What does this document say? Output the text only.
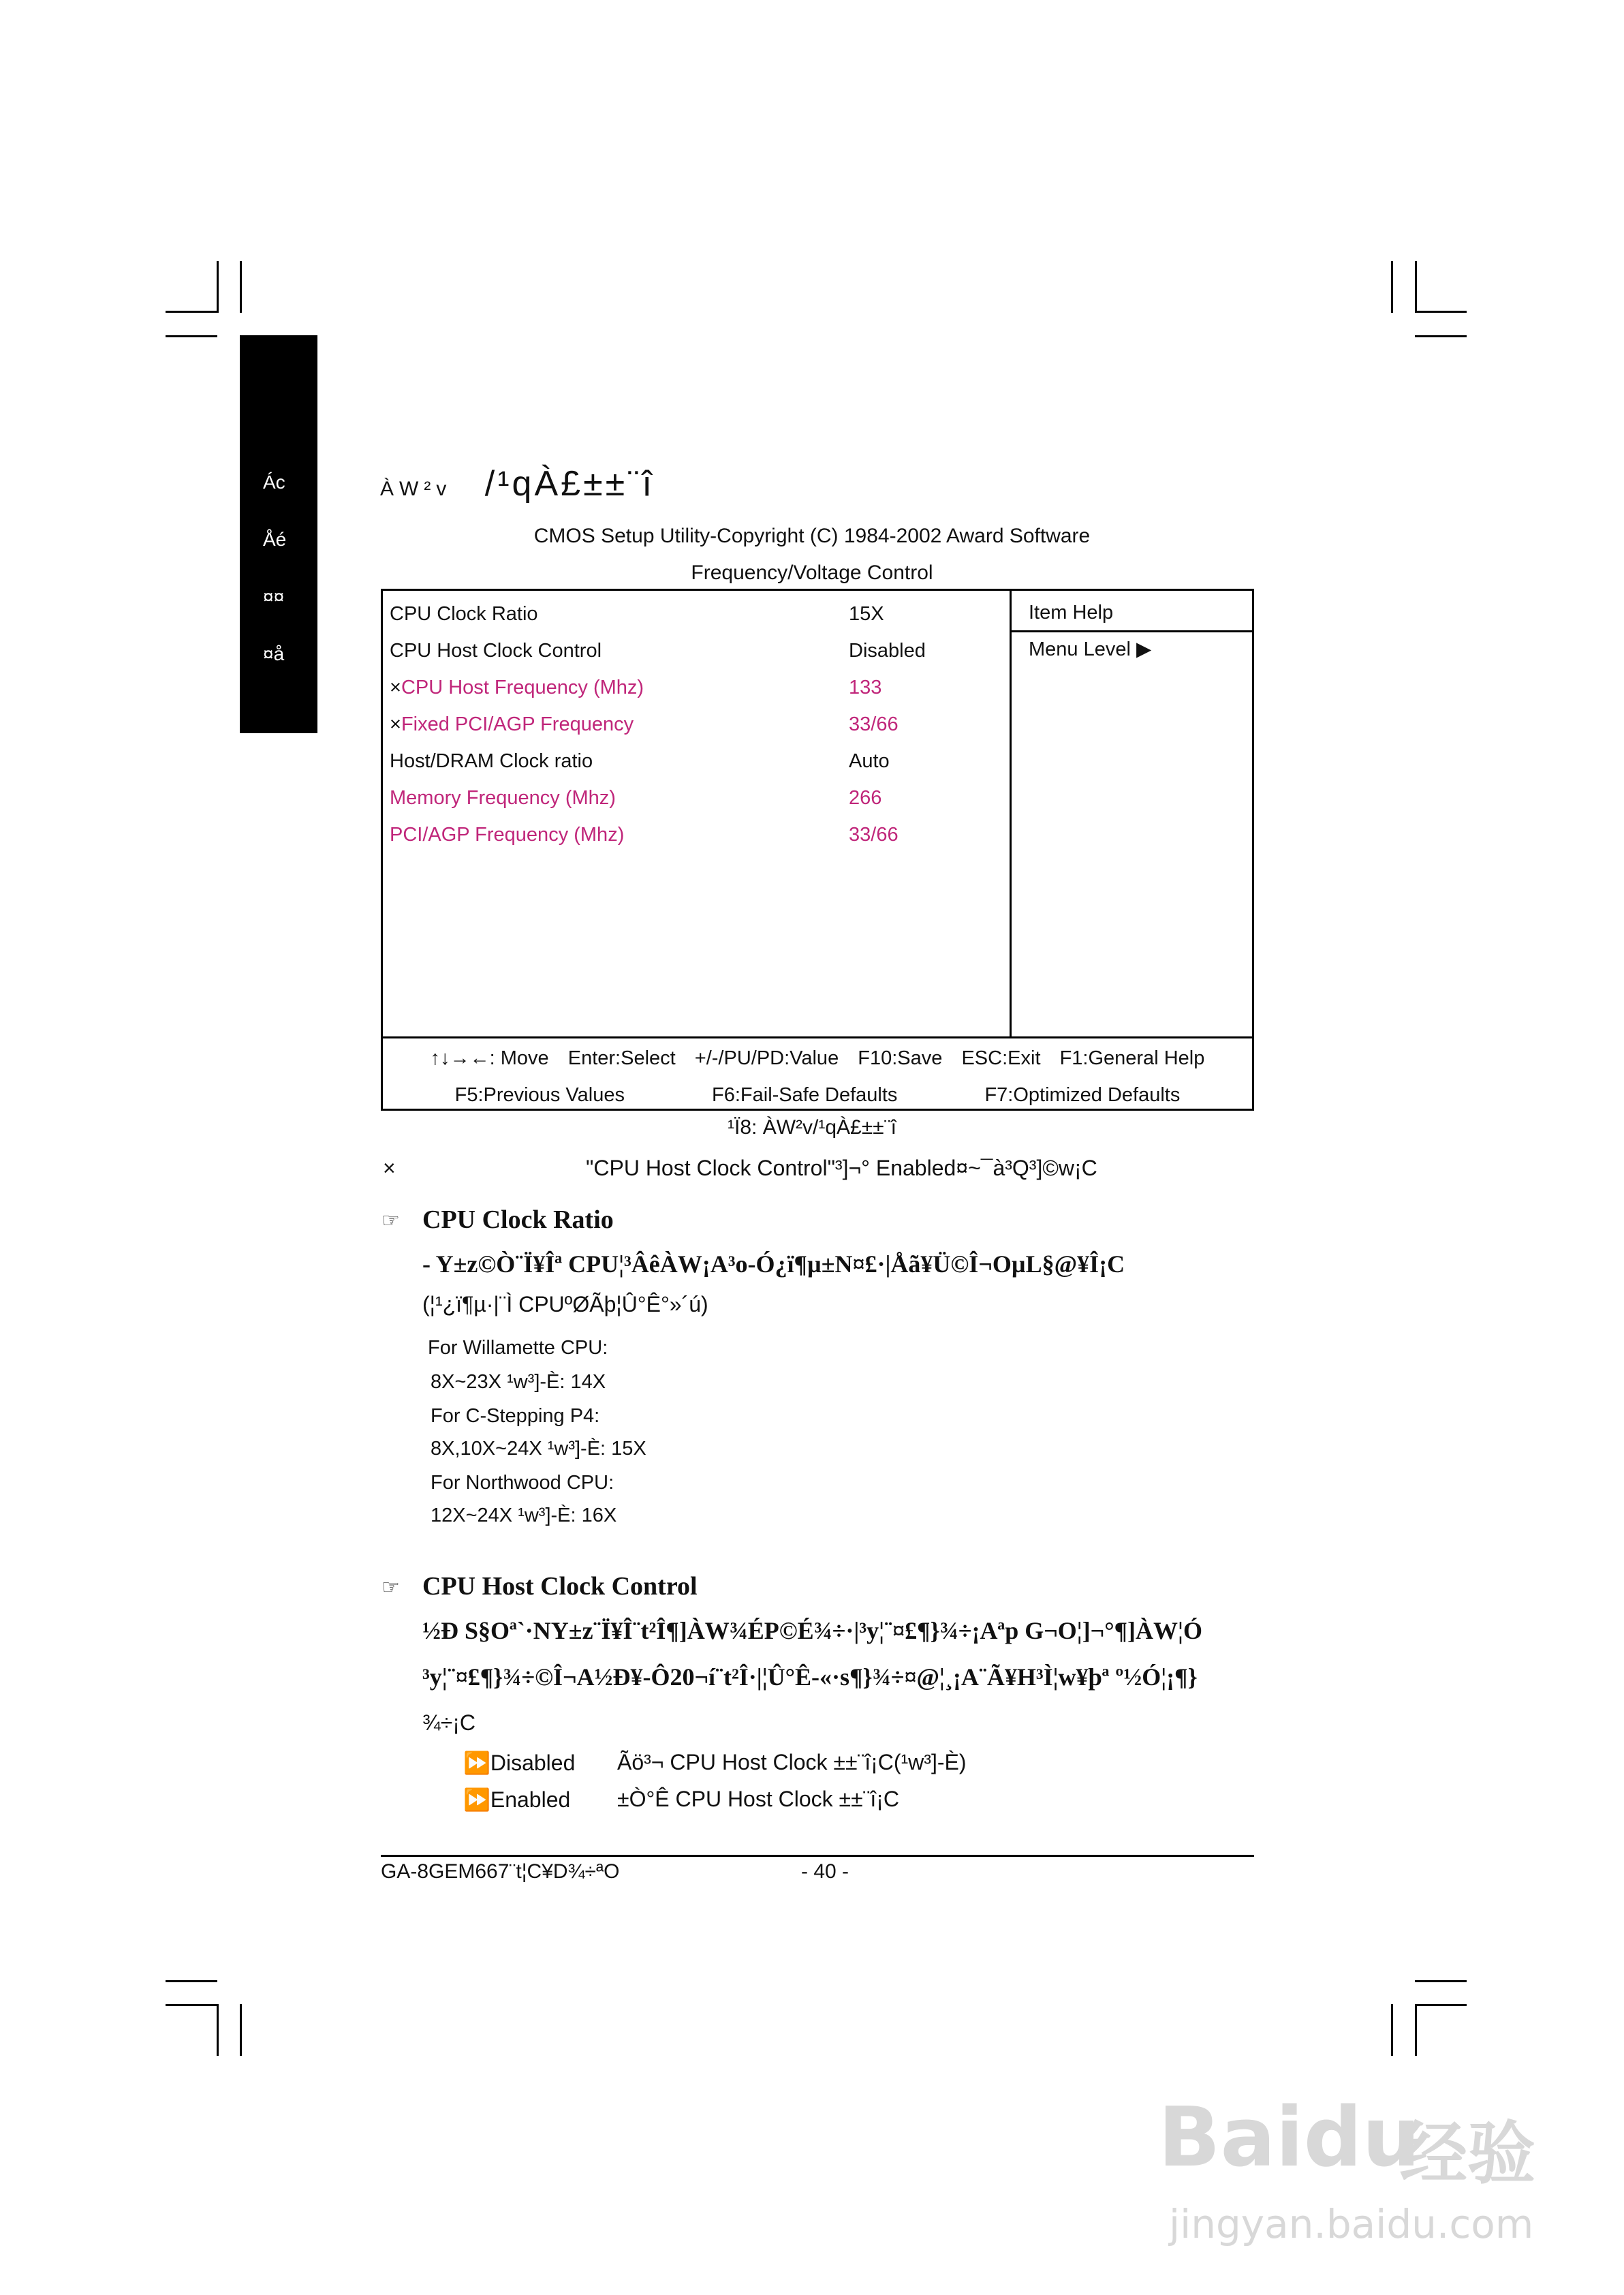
Ác
Åé
¤¤
¤å
ÀW²v /¹qÀ£±±¨î
CMOS Setup Utility-Copyright (C) 1984-2002 Award Software
Frequency/Voltage Control
CPU Clock Ratio	15X
CPU Host Clock Control	Disabled
×CPU Host Frequency (Mhz)	133
×Fixed PCI/AGP Frequency	33/66
Host/DRAM Clock ratio	Auto
Memory Frequency (Mhz)	266
PCI/AGP Frequency (Mhz)	33/66
Item Help
Menu Level ▶
↑↓→←: Move Enter:Select +/-/PU/PD:Value F10:Save ESC:Exit F1:General Help
F5:Previous Values	F6:Fail-Safe Defaults	F7:Optimized Defaults
¹Ï8: ÀW²v/¹qÀ£±±¨î
×	"CPU Host Clock Control"³]¬° Enabled¤~¯à³Q³]©w¡C
☞ CPU Clock Ratio
- Y±z©Ò¨Ï¥Îª CPU¦³ÂêÀW¡A³o-Ó¿ï¶µ±N¤£·|Åã¥Ü©Î¬OµL§@¥Î¡C
(¦¹¿ï¶µ·|¨Ì CPUºØÃþ¦Û°Ê°»´ú)
For Willamette CPU:
8X~23X ¹w³]-È: 14X
For C-Stepping P4:
8X,10X~24X ¹w³]-È: 15X
For Northwood CPU:
12X~24X ¹w³]-È: 16X
☞ CPU Host Clock Control
½Ð S§Oª`·NY±z¨Ï¥Î¨t²Î¶]ÀW¾ÉP©É¾÷·|³y¦¨¤£¶}¾÷¡Aªp G¬O¦]¬°¶]ÀW¦Ó
³y¦¨¤£¶}¾÷©Î¬A½Ð¥-Ô20¬í¨t²Î·|¦Û°Ê-«·s¶}¾÷¤@¦¸¡A¨Ã¥H³Ì¦w¥þª º½Ó¦¡¶}
¾÷¡C
⏩Disabled Ãö³¬ CPU Host Clock ±±¨î¡C(¹w³]-È)
⏩Enabled ±Ò°Ê CPU Host Clock ±±¨î¡C
GA-8GEM667¨t¦C¥D¾÷ªO	- 40 -
Baidu
经验
jingyan.baidu.com
